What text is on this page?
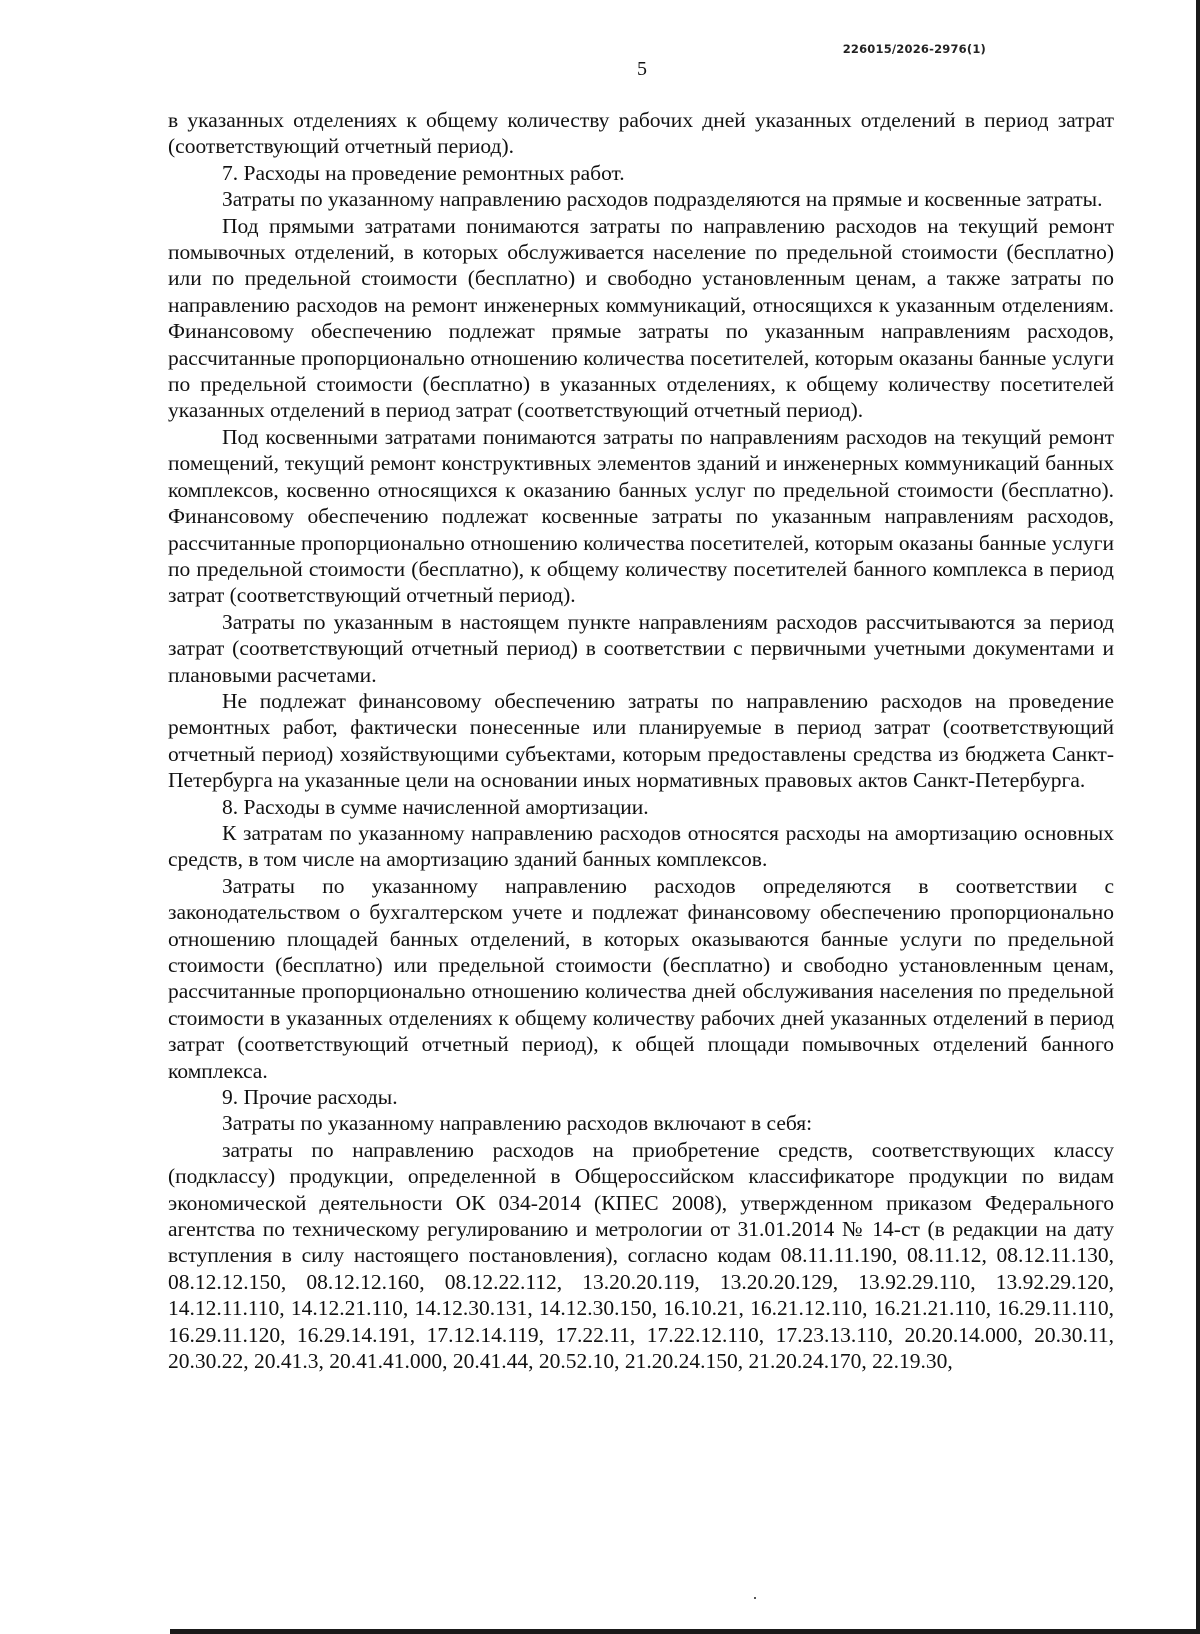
226015/2026-2976(1)
5

в указанных отделениях к общему количеству рабочих дней указанных отделений в период затрат (соответствующий отчетный период).

7. Расходы на проведение ремонтных работ.

Затраты по указанному направлению расходов подразделяются на прямые и косвенные затраты.

Под прямыми затратами понимаются затраты по направлению расходов на текущий ремонт помывочных отделений, в которых обслуживается население по предельной стоимости (бесплатно) или по предельной стоимости (бесплатно) и свободно установленным ценам, а также затраты по направлению расходов на ремонт инженерных коммуникаций, относящихся к указанным отделениям. Финансовому обеспечению подлежат прямые затраты по указанным направлениям расходов, рассчитанные пропорционально отношению количества посетителей, которым оказаны банные услуги по предельной стоимости (бесплатно) в указанных отделениях, к общему количеству посетителей указанных отделений в период затрат (соответствующий отчетный период).

Под косвенными затратами понимаются затраты по направлениям расходов на текущий ремонт помещений, текущий ремонт конструктивных элементов зданий и инженерных коммуникаций банных комплексов, косвенно относящихся к оказанию банных услуг по предельной стоимости (бесплатно). Финансовому обеспечению подлежат косвенные затраты по указанным направлениям расходов, рассчитанные пропорционально отношению количества посетителей, которым оказаны банные услуги по предельной стоимости (бесплатно), к общему количеству посетителей банного комплекса в период затрат (соответствующий отчетный период).

Затраты по указанным в настоящем пункте направлениям расходов рассчитываются за период затрат (соответствующий отчетный период) в соответствии с первичными учетными документами и плановыми расчетами.

Не подлежат финансовому обеспечению затраты по направлению расходов на проведение ремонтных работ, фактически понесенные или планируемые в период затрат (соответствующий отчетный период) хозяйствующими субъектами, которым предоставлены средства из бюджета Санкт-Петербурга на указанные цели на основании иных нормативных правовых актов Санкт-Петербурга.

8. Расходы в сумме начисленной амортизации.

К затратам по указанному направлению расходов относятся расходы на амортизацию основных средств, в том числе на амортизацию зданий банных комплексов.

Затраты по указанному направлению расходов определяются в соответствии с законодательством о бухгалтерском учете и подлежат финансовому обеспечению пропорционально отношению площадей банных отделений, в которых оказываются банные услуги по предельной стоимости (бесплатно) или предельной стоимости (бесплатно) и свободно установленным ценам, рассчитанные пропорционально отношению количества дней обслуживания населения по предельной стоимости в указанных отделениях к общему количеству рабочих дней указанных отделений в период затрат (соответствующий отчетный период), к общей площади помывочных отделений банного комплекса.

9. Прочие расходы.

Затраты по указанному направлению расходов включают в себя:

затраты по направлению расходов на приобретение средств, соответствующих классу (подклассу) продукции, определенной в Общероссийском классификаторе продукции по видам экономической деятельности ОК 034-2014 (КПЕС 2008), утвержденном приказом Федерального агентства по техническому регулированию и метрологии от 31.01.2014 № 14-ст (в редакции на дату вступления в силу настоящего постановления), согласно кодам 08.11.11.190, 08.11.12, 08.12.11.130, 08.12.12.150, 08.12.12.160, 08.12.22.112, 13.20.20.119, 13.20.20.129, 13.92.29.110, 13.92.29.120, 14.12.11.110, 14.12.21.110, 14.12.30.131, 14.12.30.150, 16.10.21, 16.21.12.110, 16.21.21.110, 16.29.11.110, 16.29.11.120, 16.29.14.191, 17.12.14.119, 17.22.11, 17.22.12.110, 17.23.13.110, 20.20.14.000, 20.30.11, 20.30.22, 20.41.3, 20.41.41.000, 20.41.44, 20.52.10, 21.20.24.150, 21.20.24.170, 22.19.30,
